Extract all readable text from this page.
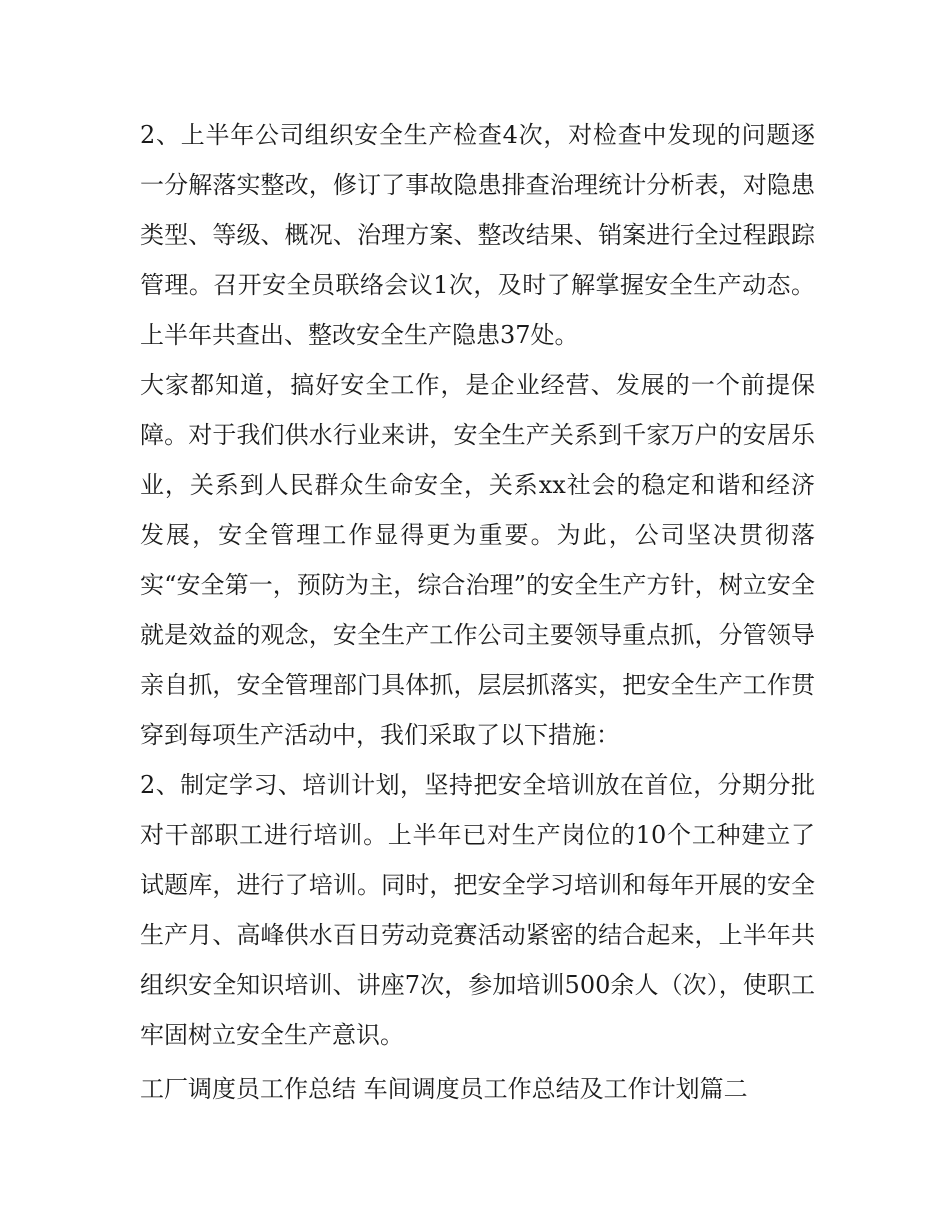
2、上半年公司组织安全生产检查4次，对检查中发现的问题逐一分解落实整改，修订了事故隐患排查治理统计分析表，对隐患类型、等级、概况、治理方案、整改结果、销案进行全过程跟踪管理。召开安全员联络会议1次，及时了解掌握安全生产动态。上半年共查出、整改安全生产隐患37处。

大家都知道，搞好安全工作，是企业经营、发展的一个前提保障。对于我们供水行业来讲，安全生产关系到千家万户的安居乐业，关系到人民群众生命安全，关系xx社会的稳定和谐和经济发展，安全管理工作显得更为重要。为此，公司坚决贯彻落实“安全第一，预防为主，综合治理”的安全生产方针，树立安全就是效益的观念，安全生产工作公司主要领导重点抓，分管领导亲自抓，安全管理部门具体抓，层层抓落实，把安全生产工作贯穿到每项生产活动中，我们采取了以下措施：

2、制定学习、培训计划，坚持把安全培训放在首位，分期分批对干部职工进行培训。上半年已对生产岗位的10个工种建立了试题库，进行了培训。同时，把安全学习培训和每年开展的安全生产月、高峰供水百日劳动竞赛活动紧密的结合起来，上半年共组织安全知识培训、讲座7次，参加培训500余人（次），使职工牢固树立安全生产意识。

工厂调度员工作总结 车间调度员工作总结及工作计划篇二
